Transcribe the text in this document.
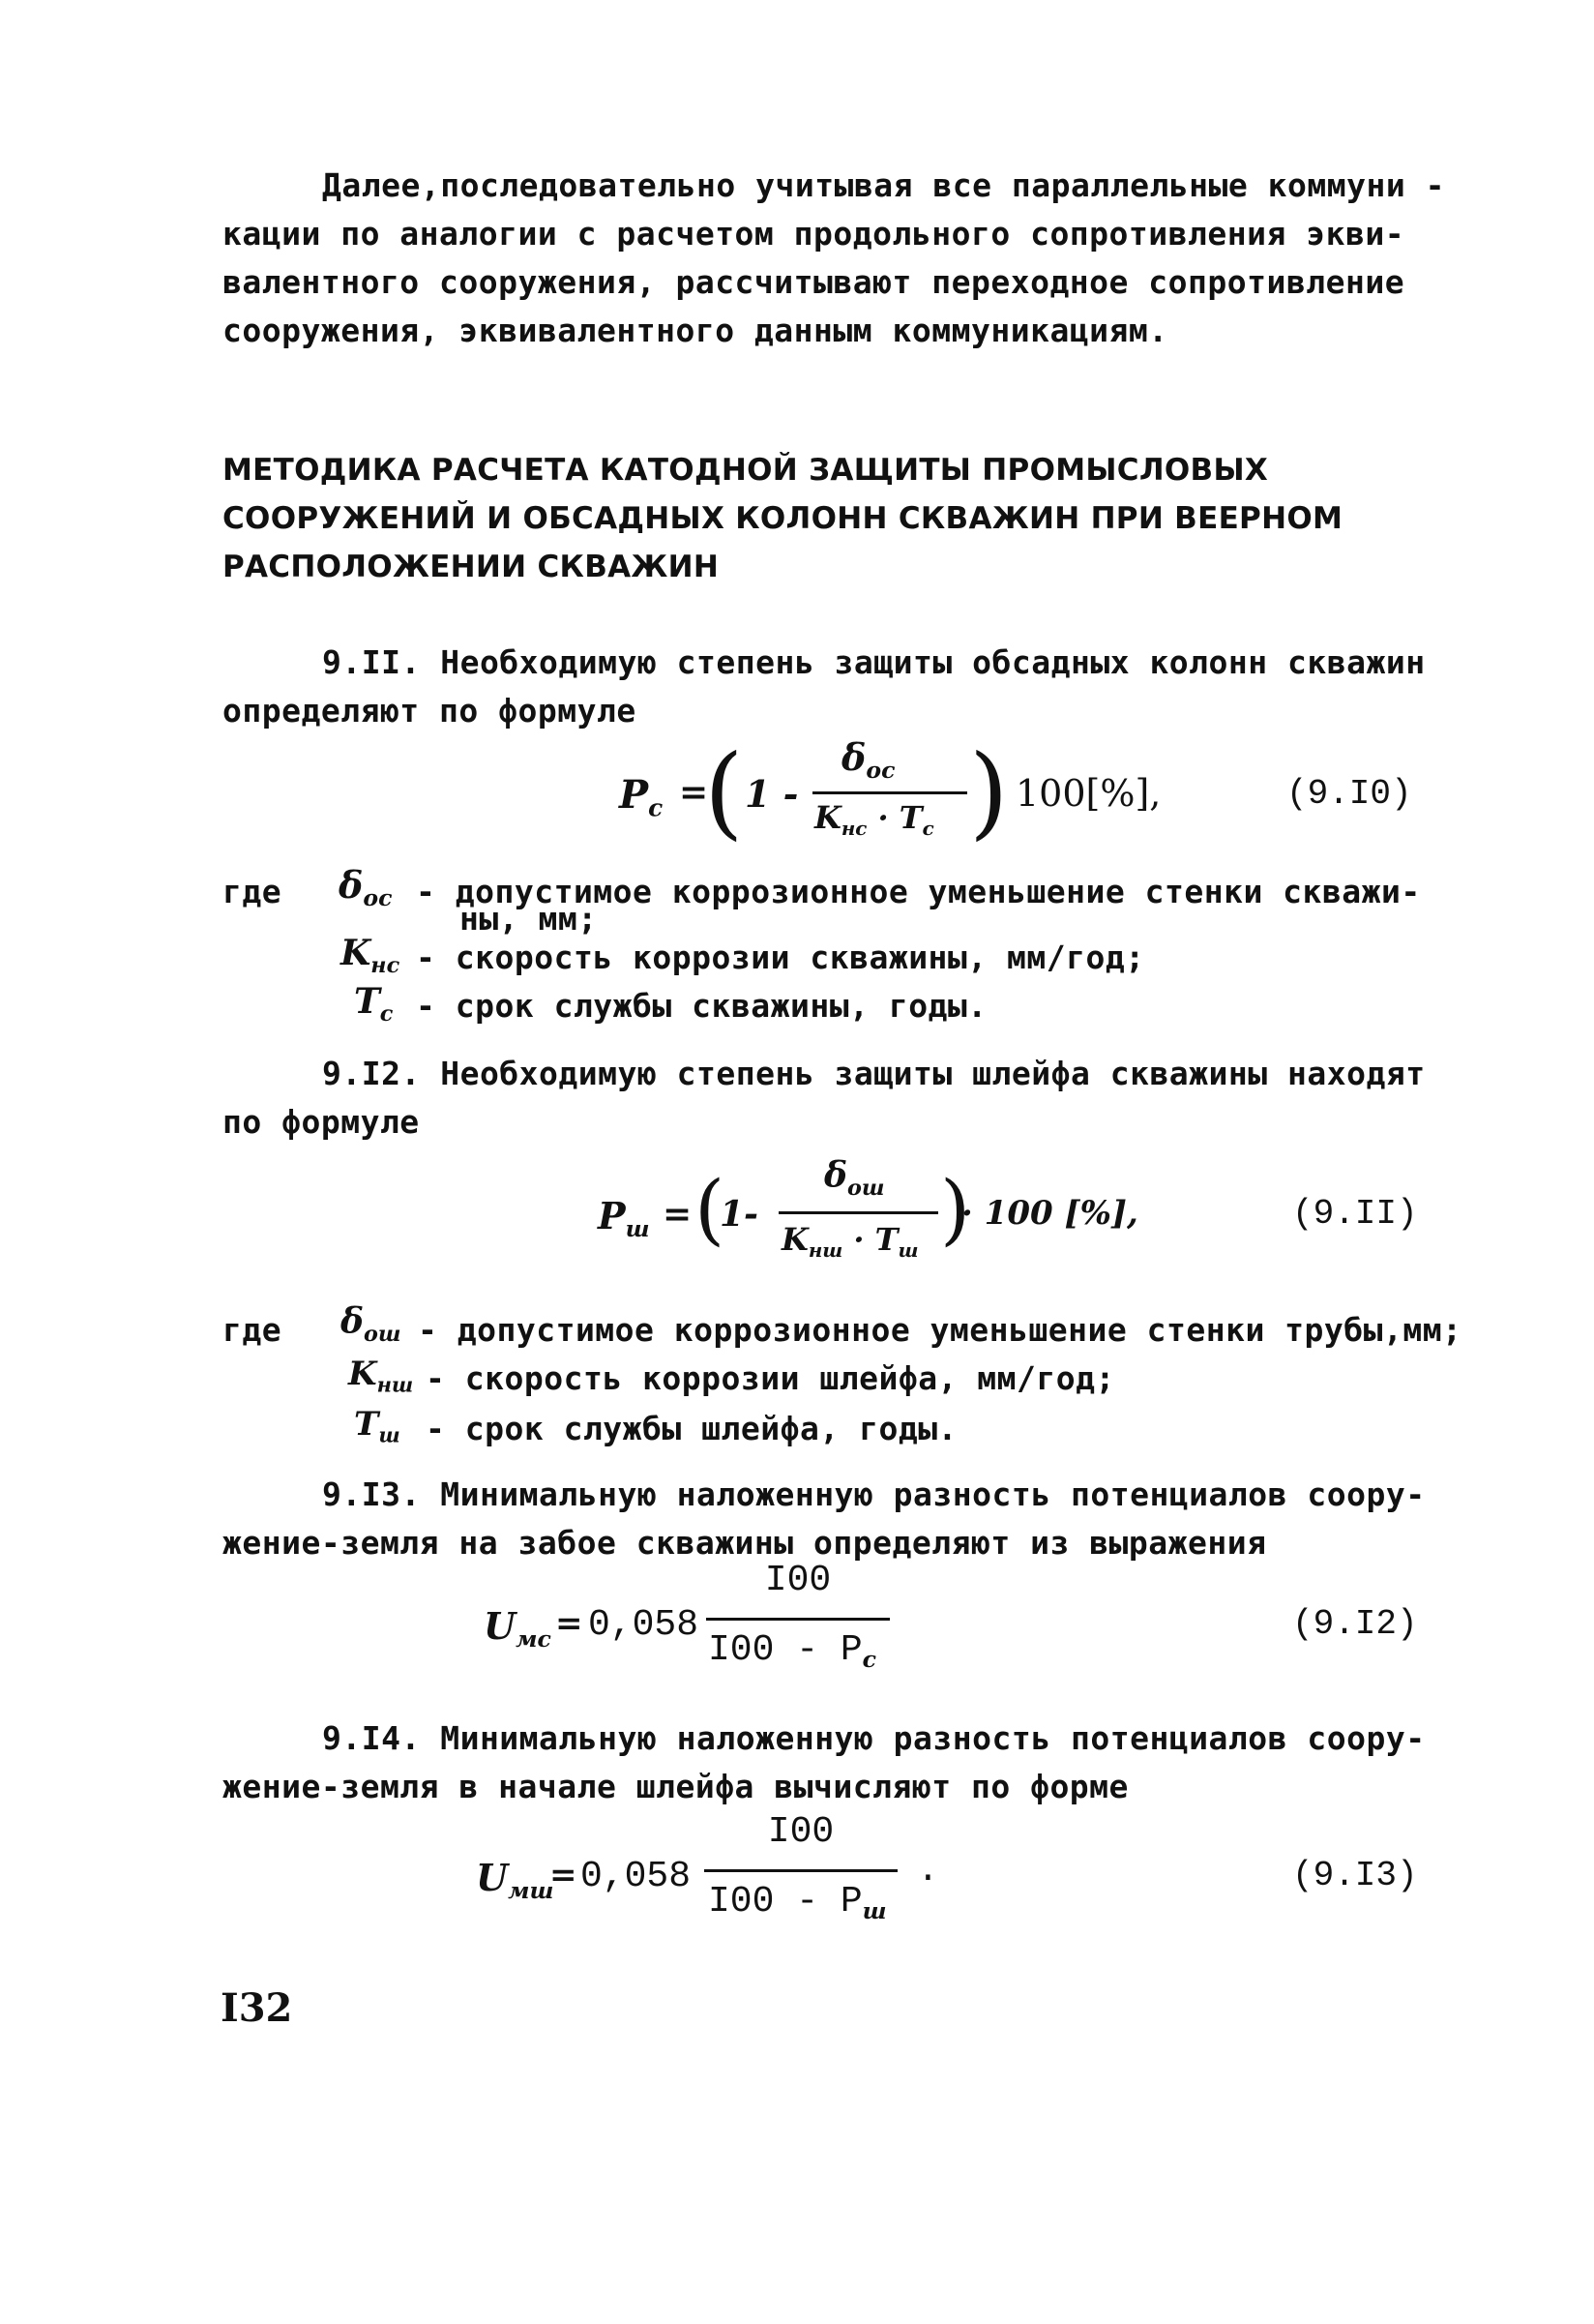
Далее,последовательно учитывая все параллельные коммуни -
кации по аналогии с расчетом продольного сопротивления экви-
валентного сооружения, рассчитывают переходное сопротивление
сооружения, эквивалентного данным коммуникациям.
МЕТОДИКА РАСЧЕТА КАТОДНОЙ ЗАЩИТЫ ПРОМЫСЛОВЫХ
СООРУЖЕНИЙ И ОБСАДНЫХ КОЛОНН СКВАЖИН ПРИ ВЕЕРНОМ
РАСПОЛОЖЕНИИ СКВАЖИН
9.II. Необходимую степень защиты обсадных колонн скважин
определяют по формуле
$P_c$ =
( 1 -
$\delta_{ос}$
$K_{нс} \cdot T_c$ ) 100[%],	(9.I0)
где $\delta_{ос}$ - допустимое коррозионное уменьшение стенки скважи-
ны, мм;
$K_{нс}$ - скорость коррозии скважины, мм/год;
$T_с$ - срок службы скважины, годы.
9.I2. Необходимую степень защиты шлейфа скважины находят
по формуле
$P_ш$ = (
1-
$\delta_{ош}$
$K_{нш} \cdot T_ш$ )
· 100 [%],	(9.II)
где $\delta_{ош}$ - допустимое коррозионное уменьшение стенки трубы,мм;
$K_{нш}$ - скорость коррозии шлейфа, мм/год;
$T_ш$ - срок службы шлейфа, годы.
9.I3. Минимальную наложенную разность потенциалов соору-
жение-земля на забое скважины определяют из выражения
$U_{мс} = 0,058$
I00
$I00 - P_c$
(9.I2)
9.I4. Минимальную наложенную разность потенциалов соору-
жение-земля в начале шлейфа вычисляют по форме
$U_{мш}$
= 0,058
I00
$I00 - P_ш$
.	(9.I3)
I32
